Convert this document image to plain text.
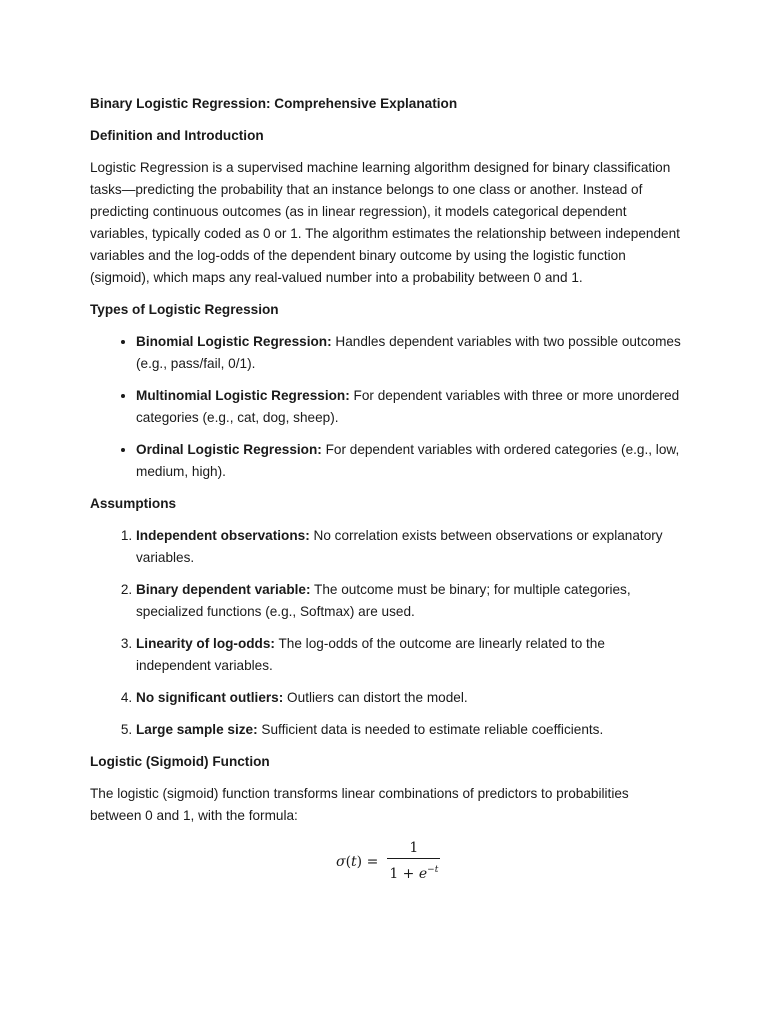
Binary Logistic Regression: Comprehensive Explanation
Definition and Introduction
Logistic Regression is a supervised machine learning algorithm designed for binary classification tasks—predicting the probability that an instance belongs to one class or another. Instead of predicting continuous outcomes (as in linear regression), it models categorical dependent variables, typically coded as 0 or 1. The algorithm estimates the relationship between independent variables and the log-odds of the dependent binary outcome by using the logistic function (sigmoid), which maps any real-valued number into a probability between 0 and 1.
Types of Logistic Regression
• Binomial Logistic Regression: Handles dependent variables with two possible outcomes (e.g., pass/fail, 0/1).
• Multinomial Logistic Regression: For dependent variables with three or more unordered categories (e.g., cat, dog, sheep).
• Ordinal Logistic Regression: For dependent variables with ordered categories (e.g., low, medium, high).
Assumptions
1. Independent observations: No correlation exists between observations or explanatory variables.
2. Binary dependent variable: The outcome must be binary; for multiple categories, specialized functions (e.g., Softmax) are used.
3. Linearity of log-odds: The log-odds of the outcome are linearly related to the independent variables.
4. No significant outliers: Outliers can distort the model.
5. Large sample size: Sufficient data is needed to estimate reliable coefficients.
Logistic (Sigmoid) Function
The logistic (sigmoid) function transforms linear combinations of predictors to probabilities between 0 and 1, with the formula:
$\sigma(t) = \frac{1}{1 + e^{-t}}$
